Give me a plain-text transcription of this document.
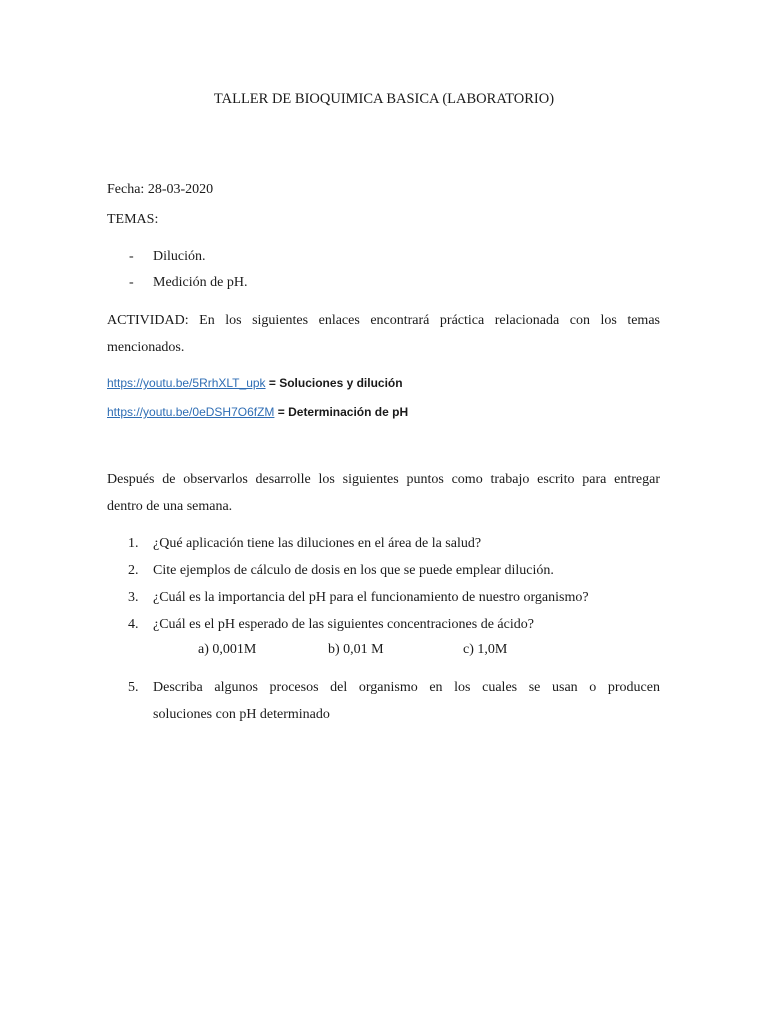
TALLER DE BIOQUIMICA BASICA (LABORATORIO)
Fecha: 28-03-2020
TEMAS:
- Dilución.
- Medición de pH.
ACTIVIDAD: En los siguientes enlaces encontrará práctica relacionada con los temas
mencionados.
https://youtu.be/5RrhXLT_upk = Soluciones y dilución
https://youtu.be/0eDSH7O6fZM = Determinación de pH
Después de observarlos desarrolle los siguientes puntos como trabajo escrito para entregar
dentro de una semana.
1. ¿Qué aplicación tiene las diluciones en el área de la salud?
2. Cite ejemplos de cálculo de dosis en los que se puede emplear dilución.
3. ¿Cuál es la importancia del pH para el funcionamiento de nuestro organismo?
4. ¿Cuál es el pH esperado de las siguientes concentraciones de ácido?
a) 0,001M	b) 0,01 M	c) 1,0M
5. Describa algunos procesos del organismo en los cuales se usan o producen
soluciones con pH determinado
